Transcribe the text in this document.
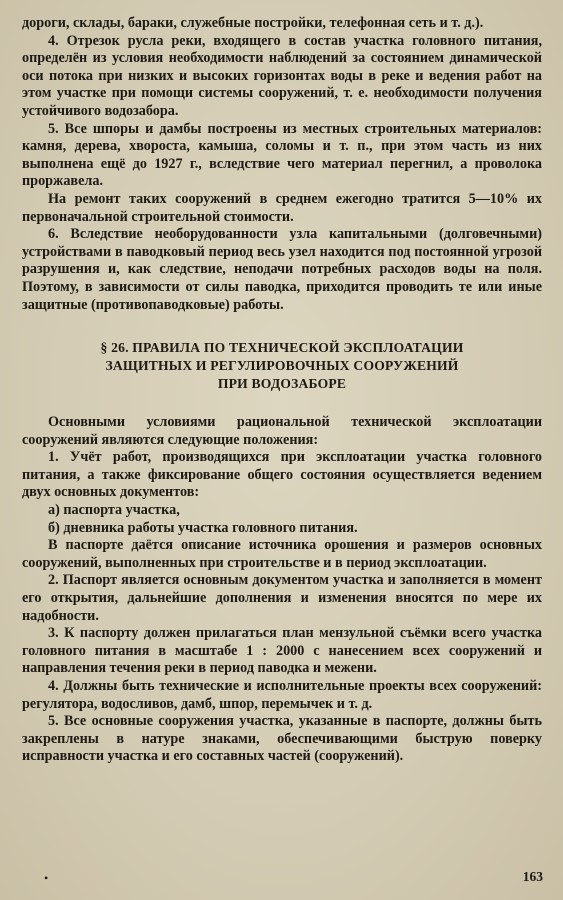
дороги, склады, бараки, служебные постройки, телефонная сеть и т. д.).

4. Отрезок русла реки, входящего в состав участка головного питания, определён из условия необходимости наблюдений за состоянием динамической оси потока при низких и высоких горизонтах воды в реке и ведения работ на этом участке при помощи системы сооружений, т. е. необходимости получения устойчивого водозабора.

5. Все шпоры и дамбы построены из местных строительных материалов: камня, дерева, хвороста, камыша, соломы и т. п., при этом часть из них выполнена ещё до 1927 г., вследствие чего материал перегнил, а проволока проржавела.

На ремонт таких сооружений в среднем ежегодно тратится 5—10% их первоначальной строительной стоимости.

6. Вследствие необорудованности узла капитальными (долговечными) устройствами в паводковый период весь узел находится под постоянной угрозой разрушения и, как следствие, неподачи потребных расходов воды на поля. Поэтому, в зависимости от силы паводка, приходится проводить те или иные защитные (противопаводковые) работы.

§ 26. ПРАВИЛА ПО ТЕХНИЧЕСКОЙ ЭКСПЛОАТАЦИИ
ЗАЩИТНЫХ И РЕГУЛИРОВОЧНЫХ СООРУЖЕНИЙ
ПРИ ВОДОЗАБОРЕ

Основными условиями рациональной технической эксплоатации сооружений являются следующие положения:

1. Учёт работ, производящихся при эксплоатации участка головного питания, а также фиксирование общего состояния осуществляется ведением двух основных документов:

а) паспорта участка,

б) дневника работы участка головного питания.

В паспорте даётся описание источника орошения и размеров основных сооружений, выполненных при строительстве и в период эксплоатации.

2. Паспорт является основным документом участка и заполняется в момент его открытия, дальнейшие дополнения и изменения вносятся по мере их надобности.

3. К паспорту должен прилагаться план мензульной съёмки всего участка головного питания в масштабе 1 : 2000 с нанесением всех сооружений и направления течения реки в период паводка и межени.

4. Должны быть технические и исполнительные проекты всех сооружений: регулятора, водосливов, дамб, шпор, перемычек и т. д.

5. Все основные сооружения участка, указанные в паспорте, должны быть закреплены в натуре знаками, обеспечивающими быструю поверку исправности участка и его составных частей (сооружений).

•	163
